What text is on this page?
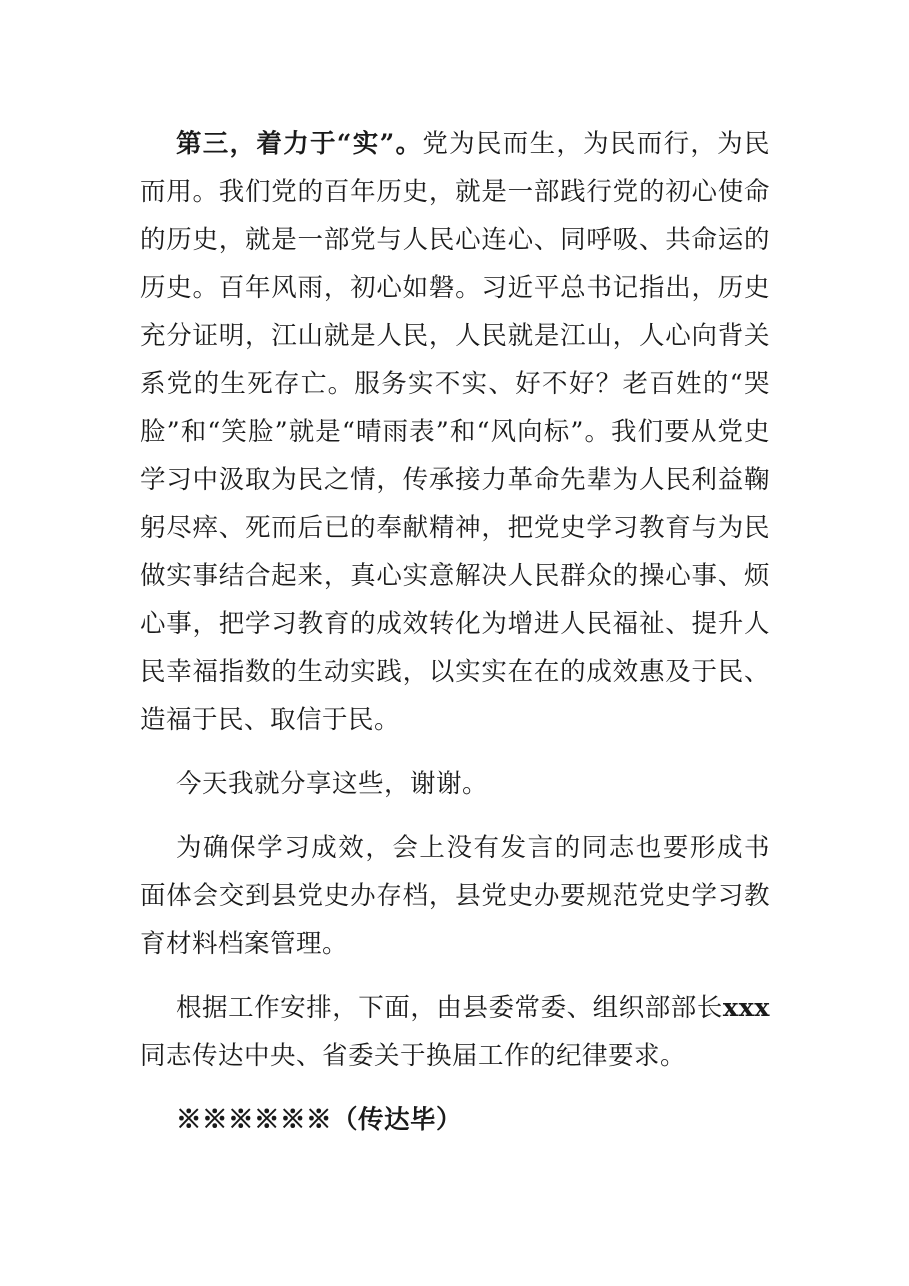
第三，着力于“实”。党为民而生，为民而行，为民而用。我们党的百年历史，就是一部践行党的初心使命的历史，就是一部党与人民心连心、同呼吸、共命运的历史。百年风雨，初心如磐。习近平总书记指出，历史充分证明，江山就是人民，人民就是江山，人心向背关系党的生死存亡。服务实不实、好不好？老百姓的“哭脸”和“笑脸”就是“晴雨表”和“风向标”。我们要从党史学习中汲取为民之情，传承接力革命先辈为人民利益鞠躬尽瘁、死而后已的奉献精神，把党史学习教育与为民做实事结合起来，真心实意解决人民群众的操心事、烦心事，把学习教育的成效转化为增进人民福祉、提升人民幸福指数的生动实践，以实实在在的成效惠及于民、造福于民、取信于民。

今天我就分享这些，谢谢。

为确保学习成效，会上没有发言的同志也要形成书面体会交到县党史办存档，县党史办要规范党史学习教育材料档案管理。

根据工作安排，下面，由县委常委、组织部部长xxx同志传达中央、省委关于换届工作的纪律要求。

※※※※※※（传达毕）
